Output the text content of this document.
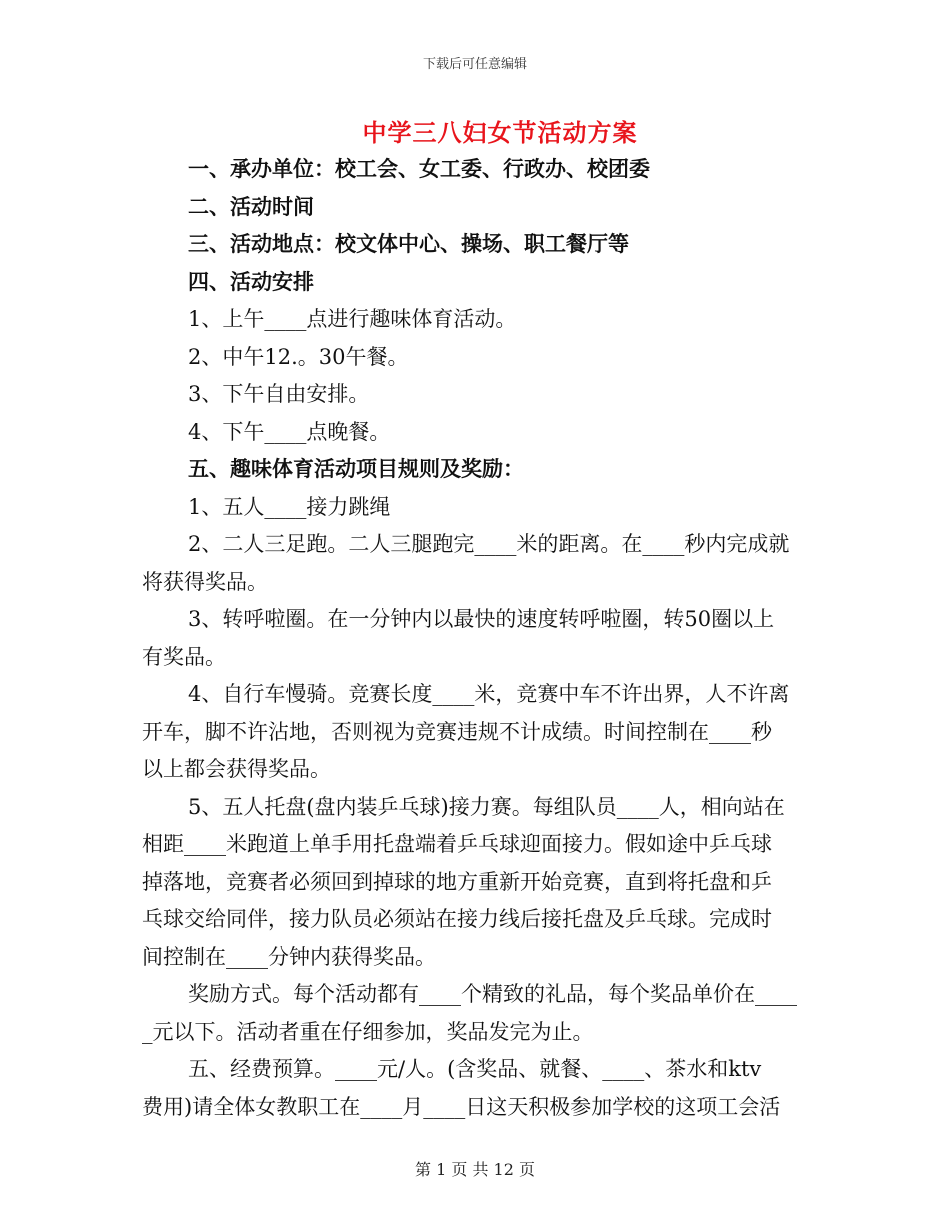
下载后可任意编辑
中学三八妇女节活动方案

一、承办单位：校工会、女工委、行政办、校团委

二、活动时间

三、活动地点：校文体中心、操场、职工餐厅等

四、活动安排

1、上午____点进行趣味体育活动。

2、中午12.。30午餐。

3、下午自由安排。

4、下午____点晚餐。

五、趣味体育活动项目规则及奖励：

1、五人____接力跳绳

2、二人三足跑。二人三腿跑完____米的距离。在____秒内完成就

将获得奖品。

3、转呼啦圈。在一分钟内以最快的速度转呼啦圈，转50圈以上

有奖品。

4、自行车慢骑。竞赛长度____米，竞赛中车不许出界，人不许离

开车，脚不许沾地，否则视为竞赛违规不计成绩。时间控制在____秒

以上都会获得奖品。

5、五人托盘(盘内装乒乓球)接力赛。每组队员____人，相向站在

相距____米跑道上单手用托盘端着乒乓球迎面接力。假如途中乒乓球

掉落地，竞赛者必须回到掉球的地方重新开始竞赛，直到将托盘和乒

乓球交给同伴，接力队员必须站在接力线后接托盘及乒乓球。完成时

间控制在____分钟内获得奖品。

奖励方式。每个活动都有____个精致的礼品，每个奖品单价在____

_元以下。活动者重在仔细参加，奖品发完为止。

五、经费预算。____元/人。(含奖品、就餐、____、茶水和ktv

费用)请全体女教职工在____月____日这天积极参加学校的这项工会活

第 1 页 共 12 页
